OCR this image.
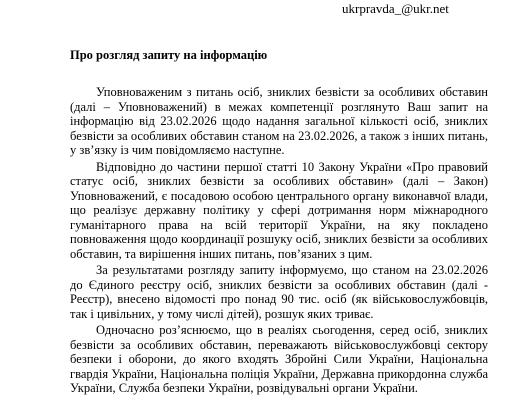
ukrpravda_@ukr.net
Про розгляд запиту на інформацію

Уповноваженим з питань осіб, зниклих безвісти за особливих обставин (далі – Уповноважений) в межах компетенції розглянуто Ваш запит на інформацію від 23.02.2026 щодо надання загальної кількості осіб, зниклих безвісти за особливих обставин станом на 23.02.2026, а також з інших питань, у зв’язку із чим повідомляємо наступне.

Відповідно до частини першої статті 10 Закону України «Про правовий статус осіб, зниклих безвісти за особливих обставин» (далі – Закон) Уповноважений, є посадовою особою центрального органу виконавчої влади, що реалізує державну політику у сфері дотримання норм міжнародного гуманітарного права на всій території України, на яку покладено повноваження щодо координації розшуку осіб, зниклих безвісти за особливих обставин, та вирішення інших питань, пов’язаних з цим.

За результатами розгляду запиту інформуємо, що станом на 23.02.2026 до Єдиного реєстру осіб, зниклих безвісти за особливих обставин (далі - Реєстр), внесено відомості про понад 90 тис. осіб (як військовослужбовців, так і цивільних, у тому числі дітей), розшук яких триває.

Одночасно роз’яснюємо, що в реаліях сьогодення, серед осіб, зниклих безвісти за особливих обставин, переважають військовослужбовці сектору безпеки і оборони, до якого входять Збройні Сили України, Національна гвардія України, Національна поліція України, Державна прикордонна служба України, Служба безпеки України, розвідувальні органи України.
